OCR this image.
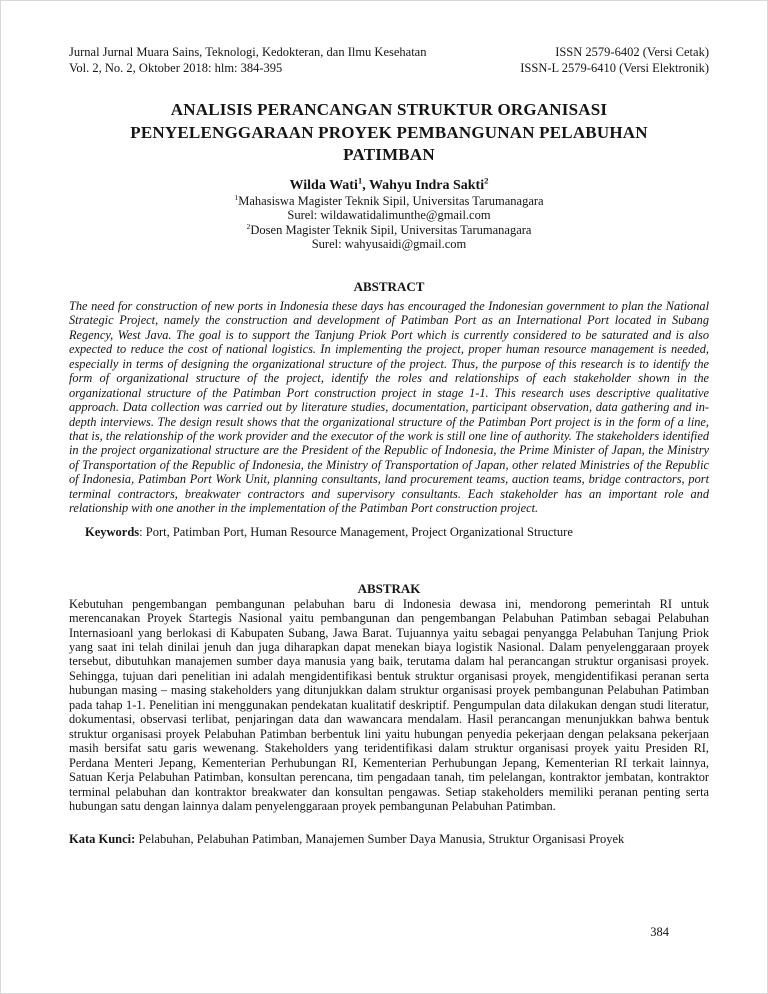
Jurnal Jurnal Muara Sains, Teknologi, Kedokteran, dan Ilmu Kesehatan
Vol. 2, No. 2, Oktober 2018: hlm: 384-395
ISSN 2579-6402 (Versi Cetak)
ISSN-L 2579-6410 (Versi Elektronik)
ANALISIS PERANCANGAN STRUKTUR ORGANISASI
PENYELENGGARAAN PROYEK PEMBANGUNAN PELABUHAN
PATIMBAN
Wilda Wati$^1$, Wahyu Indra Sakti$^2$
$^1$Mahasiswa Magister Teknik Sipil, Universitas Tarumanagara
Surel: wildawatidalimunthe@gmail.com
$^2$Dosen Magister Teknik Sipil, Universitas Tarumanagara
Surel: wahyusaidi@gmail.com
ABSTRACT
The need for construction of new ports in Indonesia these days has encouraged the Indonesian government to plan the National Strategic Project, namely the construction and development of Patimban Port as an International Port located in Subang Regency, West Java. The goal is to support the Tanjung Priok Port which is currently considered to be saturated and is also expected to reduce the cost of national logistics. In implementing the project, proper human resource management is needed, especially in terms of designing the organizational structure of the project. Thus, the purpose of this research is to identify the form of organizational structure of the project, identify the roles and relationships of each stakeholder shown in the organizational structure of the Patimban Port construction project in stage 1-1. This research uses descriptive qualitative approach. Data collection was carried out by literature studies, documentation, participant observation, data gathering and in-depth interviews. The design result shows that the organizational structure of the Patimban Port project is in the form of a line, that is, the relationship of the work provider and the executor of the work is still one line of authority. The stakeholders identified in the project organizational structure are the President of the Republic of Indonesia, the Prime Minister of Japan, the Ministry of Transportation of the Republic of Indonesia, the Ministry of Transportation of Japan, other related Ministries of the Republic of Indonesia, Patimban Port Work Unit, planning consultants, land procurement teams, auction teams, bridge contractors, port terminal contractors, breakwater contractors and supervisory consultants. Each stakeholder has an important role and relationship with one another in the implementation of the Patimban Port construction project.
Keywords: Port, Patimban Port, Human Resource Management, Project Organizational Structure
ABSTRAK
Kebutuhan pengembangan pembangunan pelabuhan baru di Indonesia dewasa ini, mendorong pemerintah RI untuk merencanakan Proyek Startegis Nasional yaitu pembangunan dan pengembangan Pelabuhan Patimban sebagai Pelabuhan Internasioanl yang berlokasi di Kabupaten Subang, Jawa Barat. Tujuannya yaitu sebagai penyangga Pelabuhan Tanjung Priok yang saat ini telah dinilai jenuh dan juga diharapkan dapat menekan biaya logistik Nasional. Dalam penyelenggaraan proyek tersebut, dibutuhkan manajemen sumber daya manusia yang baik, terutama dalam hal perancangan struktur organisasi proyek. Sehingga, tujuan dari penelitian ini adalah mengidentifikasi bentuk struktur organisasi proyek, mengidentifikasi peranan serta hubungan masing – masing stakeholders yang ditunjukkan dalam struktur organisasi proyek pembangunan Pelabuhan Patimban pada tahap 1-1. Penelitian ini menggunakan pendekatan kualitatif deskriptif. Pengumpulan data dilakukan dengan studi literatur, dokumentasi, observasi terlibat, penjaringan data dan wawancara mendalam. Hasil perancangan menunjukkan bahwa bentuk struktur organisasi proyek Pelabuhan Patimban berbentuk lini yaitu hubungan penyedia pekerjaan dengan pelaksana pekerjaan masih bersifat satu garis wewenang. Stakeholders yang teridentifikasi dalam struktur organisasi proyek yaitu Presiden RI, Perdana Menteri Jepang, Kementerian Perhubungan RI, Kementerian Perhubungan Jepang, Kementerian RI terkait lainnya, Satuan Kerja Pelabuhan Patimban, konsultan perencana, tim pengadaan tanah, tim pelelangan, kontraktor jembatan, kontraktor terminal pelabuhan dan kontraktor breakwater dan konsultan pengawas. Setiap stakeholders memiliki peranan penting serta hubungan satu dengan lainnya dalam penyelenggaraan proyek pembangunan Pelabuhan Patimban.
Kata Kunci: Pelabuhan, Pelabuhan Patimban, Manajemen Sumber Daya Manusia, Struktur Organisasi Proyek
384
